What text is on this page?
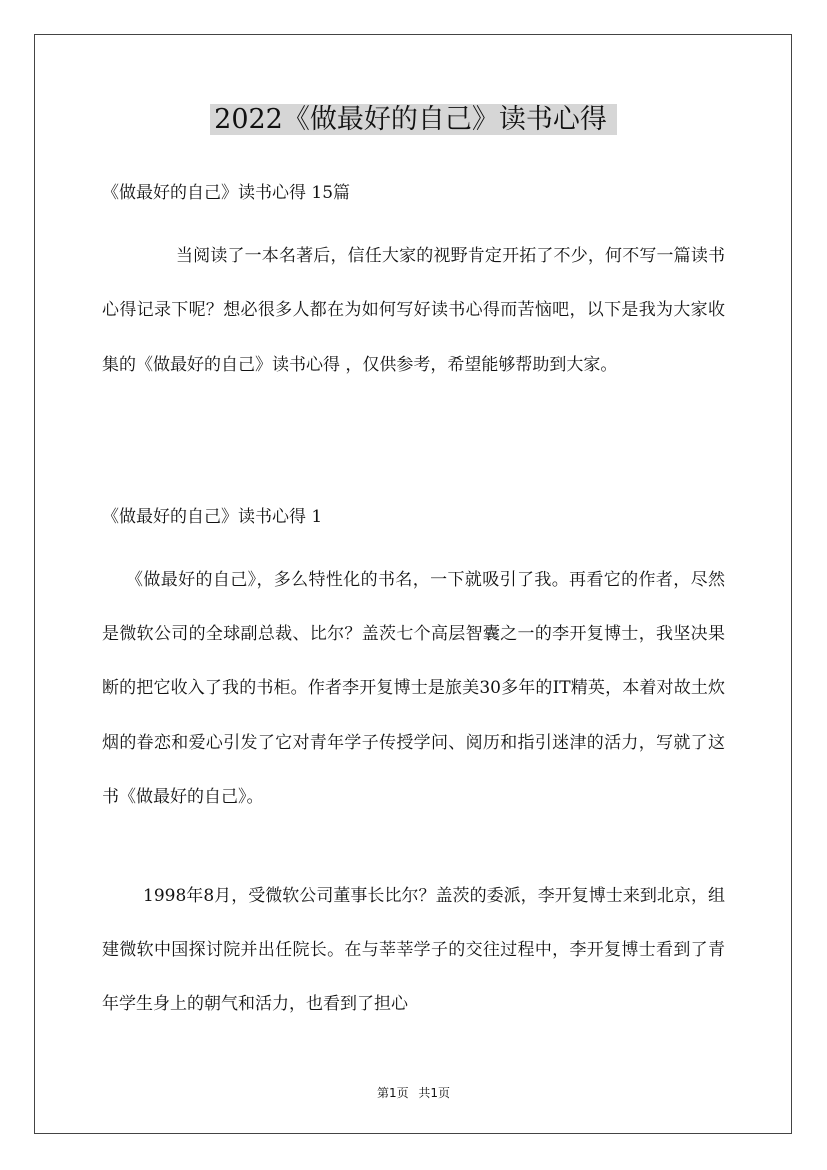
2022《做最好的自己》读书心得
《做最好的自己》读书心得 15篇
当阅读了一本名著后，信任大家的视野肯定开拓了不少，何不写一篇读书心得记录下呢？想必很多人都在为如何写好读书心得而苦恼吧，以下是我为大家收集的《做最好的自己》读书心得 ，仅供参考，希望能够帮助到大家。
《做最好的自己》读书心得 1

《做最好的自己》，多么特性化的书名，一下就吸引了我。再看它的作者，尽然是微软公司的全球副总裁、比尔？盖茨七个高层智囊之一的李开复博士，我坚决果断的把它收入了我的书柜。作者李开复博士是旅美30多年的IT精英，本着对故土炊烟的眷恋和爱心引发了它对青年学子传授学问、阅历和指引迷津的活力，写就了这书《做最好的自己》。

1998年8月，受微软公司董事长比尔？盖茨的委派，李开复博士来到北京，组建微软中国探讨院并出任院长。在与莘莘学子的交往过程中，李开复博士看到了青年学生身上的朝气和活力，也看到了担心

第1页 共1页
